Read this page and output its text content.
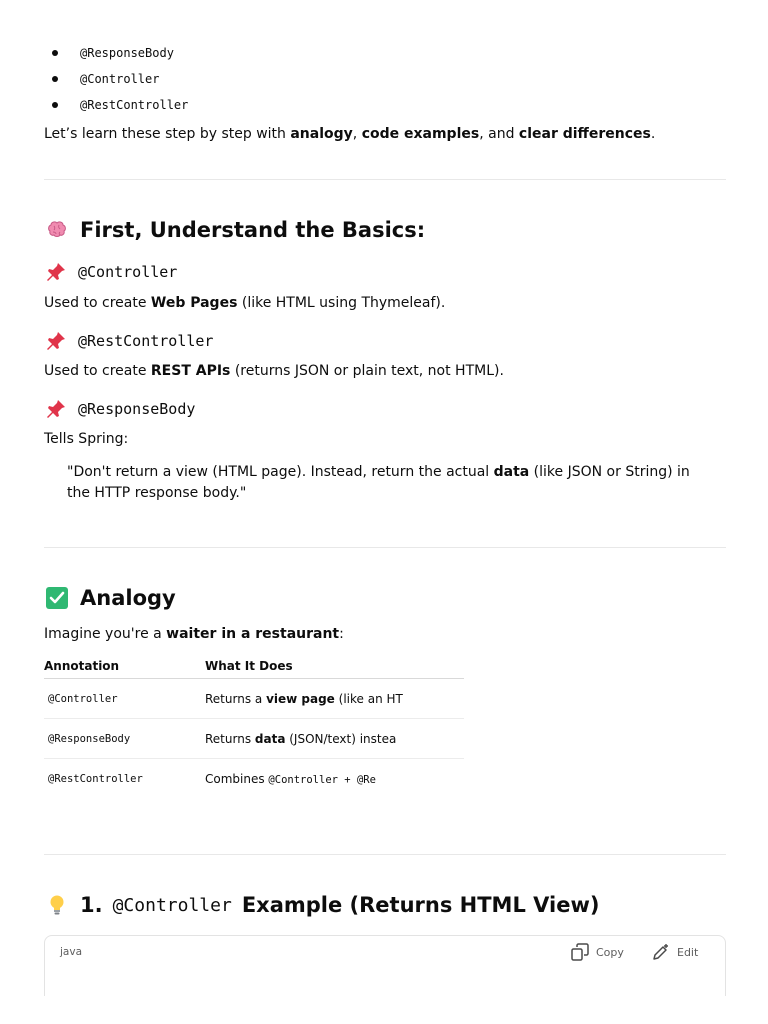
@ResponseBody
@Controller
@RestController
Let’s learn these step by step with analogy, code examples, and clear differences.
First, Understand the Basics:
@Controller
Used to create Web Pages (like HTML using Thymeleaf).
@RestController
Used to create REST APIs (returns JSON or plain text, not HTML).
@ResponseBody
Tells Spring:
"Don't return a view (HTML page). Instead, return the actual data (like JSON or String) in the HTTP response body."
Analogy
Imagine you're a waiter in a restaurant:
Annotation	What It Does
@Controller	Returns a view page (like an HT
@ResponseBody	Returns data (JSON/text) instea
@RestController	Combines @Controller + @Re
1. @Controller Example (Returns HTML View)
java	Copy	Edit
